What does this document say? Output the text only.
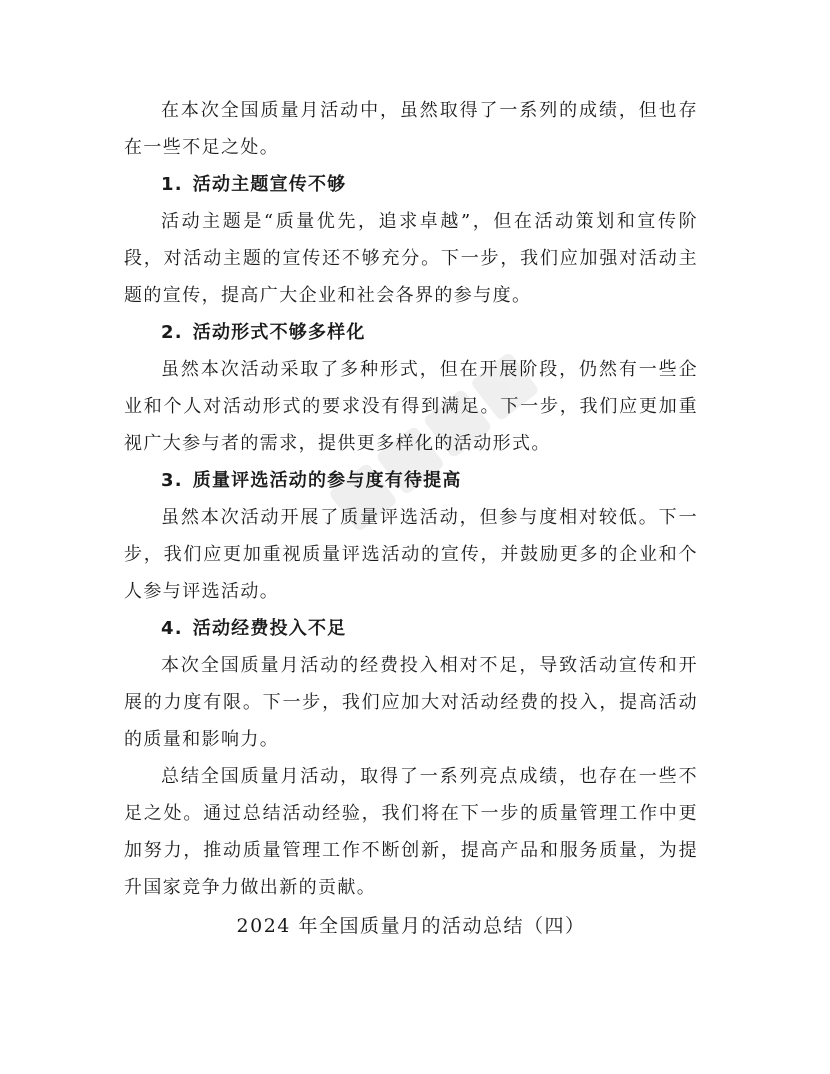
在本次全国质量月活动中，虽然取得了一系列的成绩，但也存在一些不足之处。

1. 活动主题宣传不够

活动主题是“质量优先，追求卓越”，但在活动策划和宣传阶段，对活动主题的宣传还不够充分。下一步，我们应加强对活动主题的宣传，提高广大企业和社会各界的参与度。

2. 活动形式不够多样化

虽然本次活动采取了多种形式，但在开展阶段，仍然有一些企业和个人对活动形式的要求没有得到满足。下一步，我们应更加重视广大参与者的需求，提供更多样化的活动形式。

3. 质量评选活动的参与度有待提高

虽然本次活动开展了质量评选活动，但参与度相对较低。下一步，我们应更加重视质量评选活动的宣传，并鼓励更多的企业和个人参与评选活动。

4. 活动经费投入不足

本次全国质量月活动的经费投入相对不足，导致活动宣传和开展的力度有限。下一步，我们应加大对活动经费的投入，提高活动的质量和影响力。

总结全国质量月活动，取得了一系列亮点成绩，也存在一些不足之处。通过总结活动经验，我们将在下一步的质量管理工作中更加努力，推动质量管理工作不断创新，提高产品和服务质量，为提升国家竞争力做出新的贡献。

2024 年全国质量月的活动总结（四）
